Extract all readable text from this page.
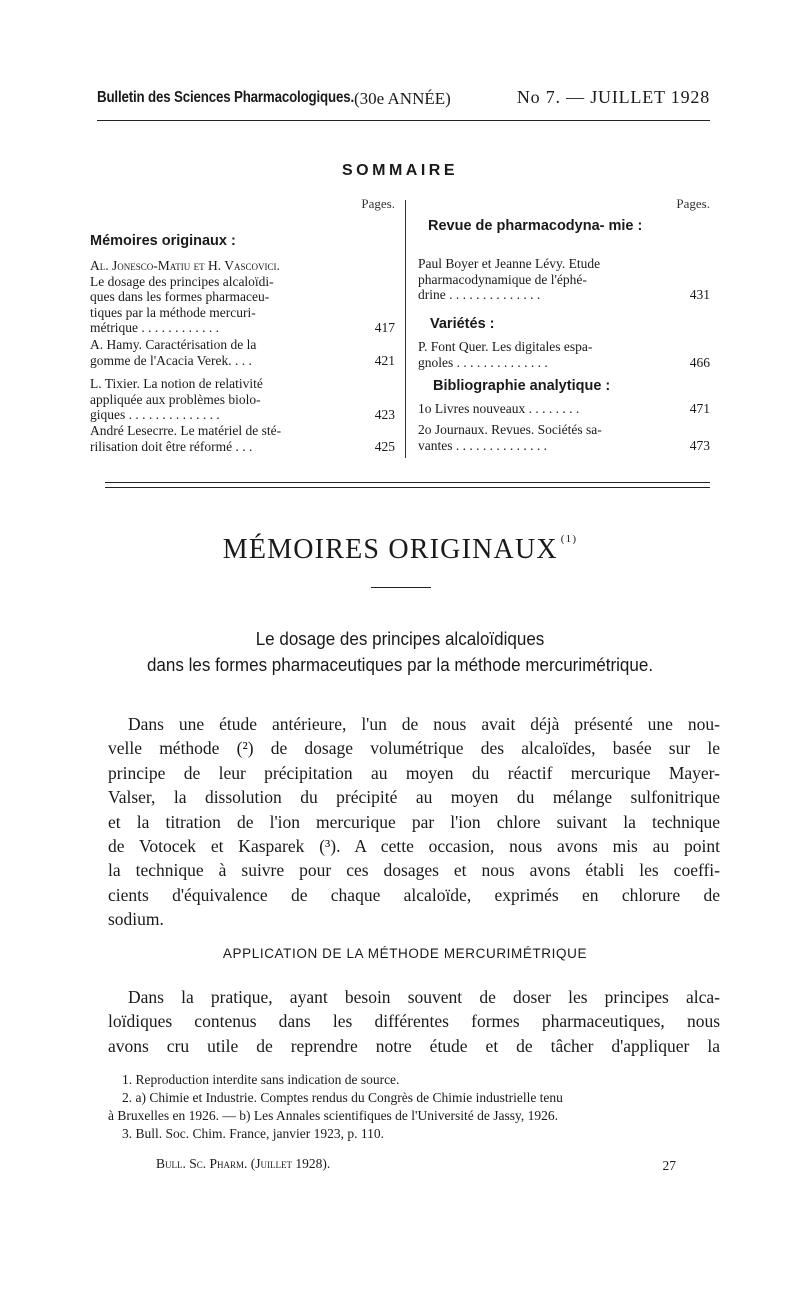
Bulletin des Sciences Pharmacologiques. (30e ANNÉE)	No 7. — JUILLET 1928
SOMMAIRE
Pages.
Mémoires originaux :
Al. Jonesco-Matiu et H. Vascovici.
Le dosage des principes alcaloïdi-
ques dans les formes pharmaceu-
tiques par la méthode mercuri-
métrique . . . . . . . . . . . .	417
A. Hamy. Caractérisation de la
gomme de l'Acacia Verek. . . .	421
L. Tixier. La notion de relativité
appliquée aux problèmes biolo-
giques . . . . . . . . . . . . . .	423
André Lesecrre. Le matériel de sté-
rilisation doit être réformé . . .	425
Pages.
Revue de pharmacodyna- mie :
Paul Boyer et Jeanne Lévy. Etude
pharmacodynamique de l'éphé-
drine . . . . . . . . . . . . . .	431
Variétés :
P. Font Quer. Les digitales espa-
gnoles . . . . . . . . . . . . . .	466
Bibliographie analytique :
1o Livres nouveaux . . . . . . . .	471
2o Journaux. Revues. Sociétés sa-
vantes . . . . . . . . . . . . . .	473
MÉMOIRES ORIGINAUX $^{(1)}$
Le dosage des principes alcaloïdiques
dans les formes pharmaceutiques par la méthode mercurimétrique.
Dans une étude antérieure, l'un de nous avait déjà présenté une nou-
velle méthode (²) de dosage volumétrique des alcaloïdes, basée sur le
principe de leur précipitation au moyen du réactif mercurique Mayer-
Valser, la dissolution du précipité au moyen du mélange sulfonitrique
et la titration de l'ion mercurique par l'ion chlore suivant la technique
de Votocek et Kasparek (³). A cette occasion, nous avons mis au point
la technique à suivre pour ces dosages et nous avons établi les coeffi-
cients d'équivalence de chaque alcaloïde, exprimés en chlorure de
sodium.
APPLICATION DE LA MÉTHODE MERCURIMÉTRIQUE
Dans la pratique, ayant besoin souvent de doser les principes alca-
loïdiques contenus dans les différentes formes pharmaceutiques, nous
avons cru utile de reprendre notre étude et de tâcher d'appliquer la
1. Reproduction interdite sans indication de source.
2. a) Chimie et Industrie. Comptes rendus du Congrès de Chimie industrielle tenu
à Bruxelles en 1926. — b) Les Annales scientifiques de l'Université de Jassy, 1926.
3. Bull. Soc. Chim. France, janvier 1923, p. 110.
Bull. Sc. Pharm. (Juillet 1928).	27
